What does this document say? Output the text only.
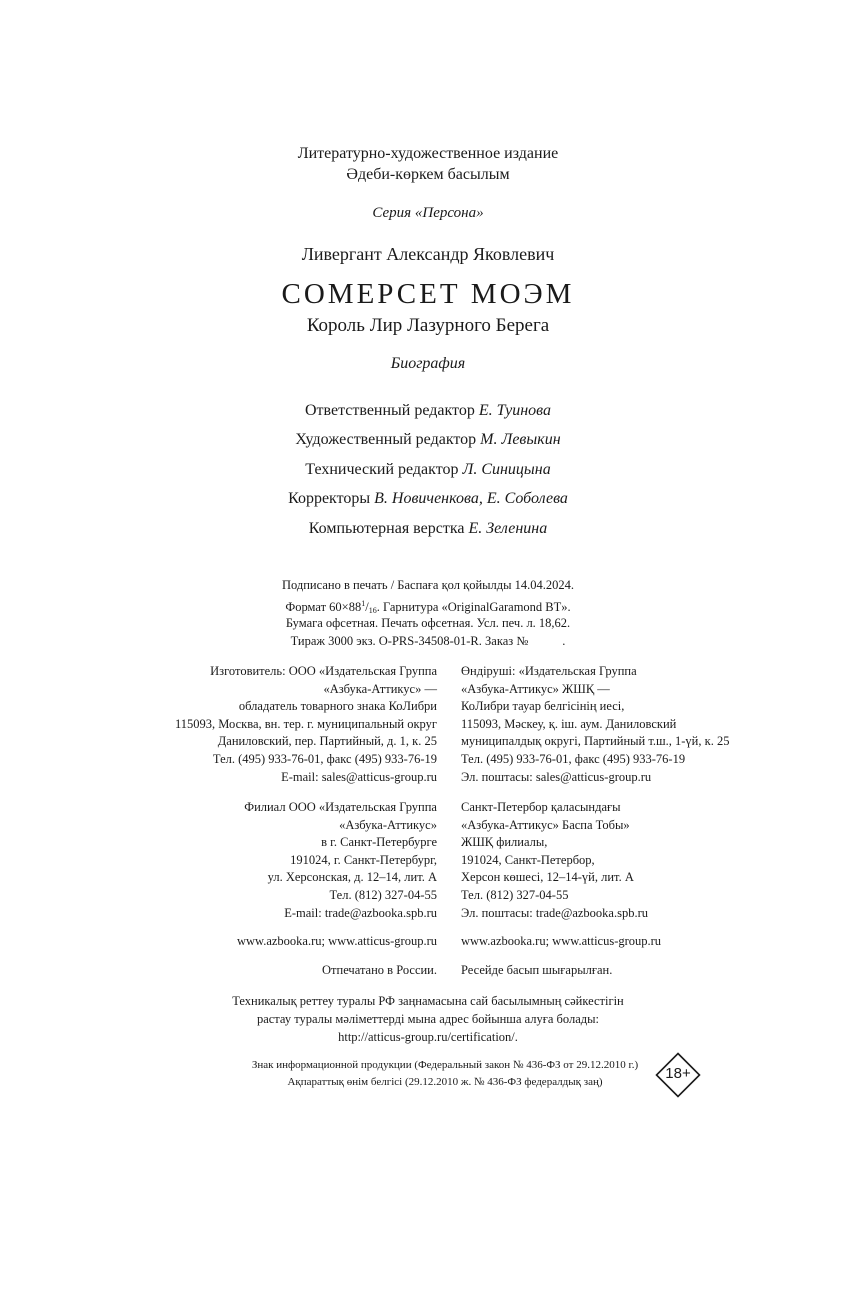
Литературно-художественное издание
Әдеби-көркем басылым
Серия «Персона»
Ливергант Александр Яковлевич
СОМЕРСЕТ МОЭМ
Король Лир Лазурного Берега
Биография
Ответственный редактор Е. Туинова
Художественный редактор М. Левыкин
Технический редактор Л. Синицына
Корректоры В. Новиченкова, Е. Соболева
Компьютерная верстка Е. Зеленина
Подписано в печать / Баспаға қол қойылды 14.04.2024.
Формат $60\times 88^1/_{16}$. Гарнитура «OriginalGaramond BT».
Бумага офсетная. Печать офсетная. Усл. печ. л. 18,62.
Тираж 3000 экз. O-PRS-34508-01-R. Заказ №	.
Изготовитель: ООО «Издательская Группа
«Азбука-Аттикус» —
обладатель товарного знака КоЛибри
115093, Москва, вн. тер. г. муниципальный округ
Даниловский, пер. Партийный, д. 1, к. 25
Тел. (495) 933-76-01, факс (495) 933-76-19
E-mail: sales@atticus-group.ru
Өндіруші: «Издательская Группа
«Азбука-Аттикус» ЖШҚ —
КоЛибри тауар белгісінің иесі,
115093, Мәскеу, қ. іш. аум. Даниловский
муниципалдық округі, Партийный т.ш., 1-үй, к. 25
Тел. (495) 933-76-01, факс (495) 933-76-19
Эл. поштасы: sales@atticus-group.ru
Филиал ООО «Издательская Группа
«Азбука-Аттикус»
в г. Санкт-Петербурге
191024, г. Санкт-Петербург,
ул. Херсонская, д. 12–14, лит. А
Тел. (812) 327-04-55
E-mail: trade@azbooka.spb.ru
Санкт-Петербор қаласындағы
«Азбука-Аттикус» Баспа Тобы»
ЖШҚ филиалы,
191024, Санкт-Петербор,
Херсон көшесі, 12–14-үй, лит. А
Тел. (812) 327-04-55
Эл. поштасы: trade@azbooka.spb.ru
www.azbooka.ru; www.atticus-group.ru www.azbooka.ru; www.atticus-group.ru
Отпечатано в России. Ресейде басып шығарылған.
Техникалық реттеу туралы РФ заңнамасына сай басылымның сәйкестігін
растау туралы мәліметтерді мына адрес бойынша алуға болады:
http://atticus-group.ru/certification/.
Знак информационной продукции (Федеральный закон № 436-ФЗ от 29.12.2010 г.)
Ақпараттық өнім белгісі (29.12.2010 ж. № 436-ФЗ федералдық заң)	18+
